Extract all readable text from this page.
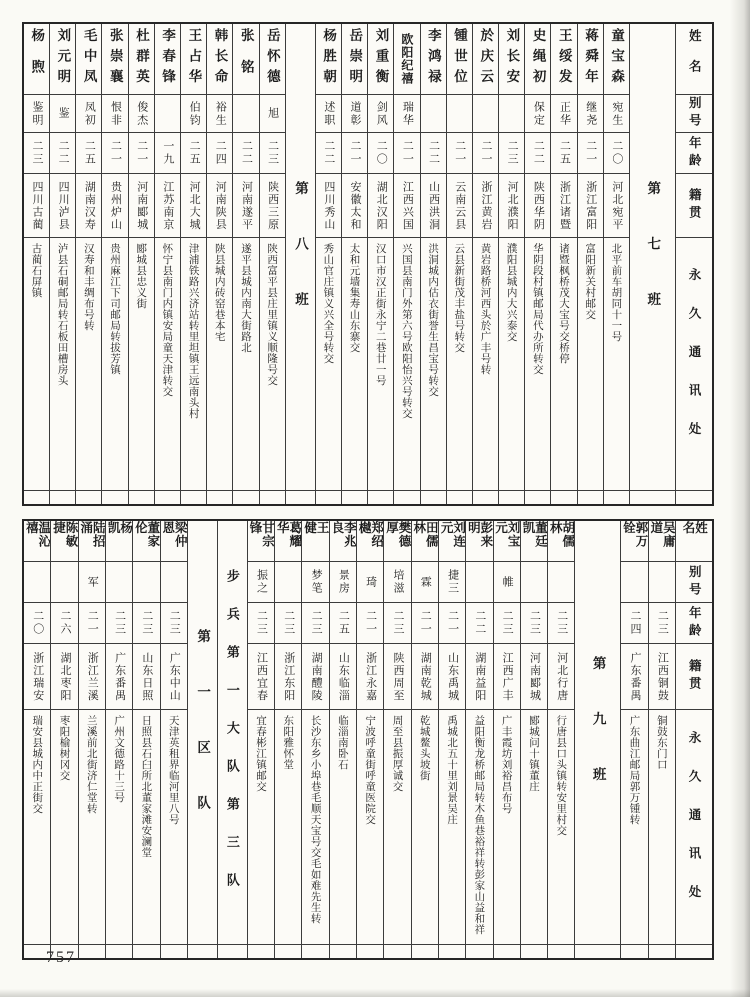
姓名
别号
年龄
籍贯
永久通讯处
第七班
童宝森
宛生
二〇
河北宛平
北平前车胡同十一号
蒋舜年
继尧
二一
浙江富阳
富阳新关村邮交
王绥发
正华
二五
浙江诸暨
诸暨枫桥茂大宝号交桥停
史绳初
保定
二二
陕西华阴
华阴段村镇邮局代办所转交
刘长安
二三
河北濮阳
濮阳县城内大兴泰交
於庆云
二一
浙江黄岩
黄岩路桥河西头於广丰号转
锺世位
二一
云南云县
云县新街茂丰盐号转交
李鸿禄
二二
山西洪洞
洪洞城内估衣街誉生昌宝号转交
欧阳纪禧
瑞华
二一
江西兴国
兴国县南门外第六号欧阳怡兴号转交
刘重衡
剑风
二〇
湖北汉阳
汉口市汉正街永宁二巷廿一号
岳崇明
道彰
二一
安徽太和
太和元墙集寿山东寨交
杨胜朝
述职
二二
四川秀山
秀山官庄镇义兴全号转交
第八班
岳怀德
旭
二三
陕西三原
陕西富平县庄里镇义顺隆号交
张铭
二二
河南遂平
遂平县城内南大街路北
韩长命
裕生
二四
河南陕县
陕县城内砖窑巷本宅
王占华
伯钧
二五
河北大城
津浦铁路兴济站转里坦镇王远南头村
李春锋
一九
江苏南京
怀宁县南门内镇安局童天津转交
杜群英
俊杰
二一
河南郾城
郾城县忠义街
张崇襄
恨非
二一
贵州炉山
贵州麻江下司邮局转拔芳镇
毛中凤
凤初
二五
湖南汉寿
汉寿和丰绸布号转
刘元明
鉴
二二
四川泸县
泸县石硐邮局转石板田槽房头
杨煦
鉴明
二三
四川古蔺
古蔺石屏镇
姓名
别号
年龄
籍贯
永久通讯处
吴庸道
二三
江西铜鼓
铜鼓东门口
郭万铨
二四
广东番禺
广东曲江邮局郭万锺转
第九班
胡儒林
二三
河北行唐
行唐县口头镇转安里村交
董廷凯
二三
河南郾城
郾城问十镇董庄
刘宝元
帷
二三
江西广丰
广丰霞坊刘裕昌布号
彭来明
二二
湖南益阳
益阳衡龙桥邮局转木鱼巷裕祥转彭家山益和祥
刘连元
捷三
二一
山东禹城
禹城北五十里刘景吴庄
田儒林
霖
二一
湖南乾城
乾城鳌头坡街
樊德厚
培滋
二三
陕西周至
周至县振厚诚交
郑绍樾
琦
二一
浙江永嘉
宁波呼童街呼童医院交
李兆良
景房
二五
山东临淄
临淄南卧石
王健
梦笔
二三
湖南醴陵
长沙东乡小埠巷毛顺天宝号交毛如难先生转
葛耀华
二三
浙江东阳
东阳雅怀堂
甘宗锋
振之
二三
江西宜春
宜春彬江镇邮交
步兵第一大队第三队
第一区队
梁仲恩
二三
广东中山
天津英租界临河里八号
董家伦
二三
山东日照
日照县石臼所北董家滩安澜堂
杨凯
二三
广东番禺
广州文德路十三号
陆招涌
军
二一
浙江兰溪
兰溪前北街济仁堂转
陈敏捷
二六
湖北枣阳
枣阳榆树冈交
温沁禧
二〇
浙江瑞安
瑞安县城内中正街交
757
